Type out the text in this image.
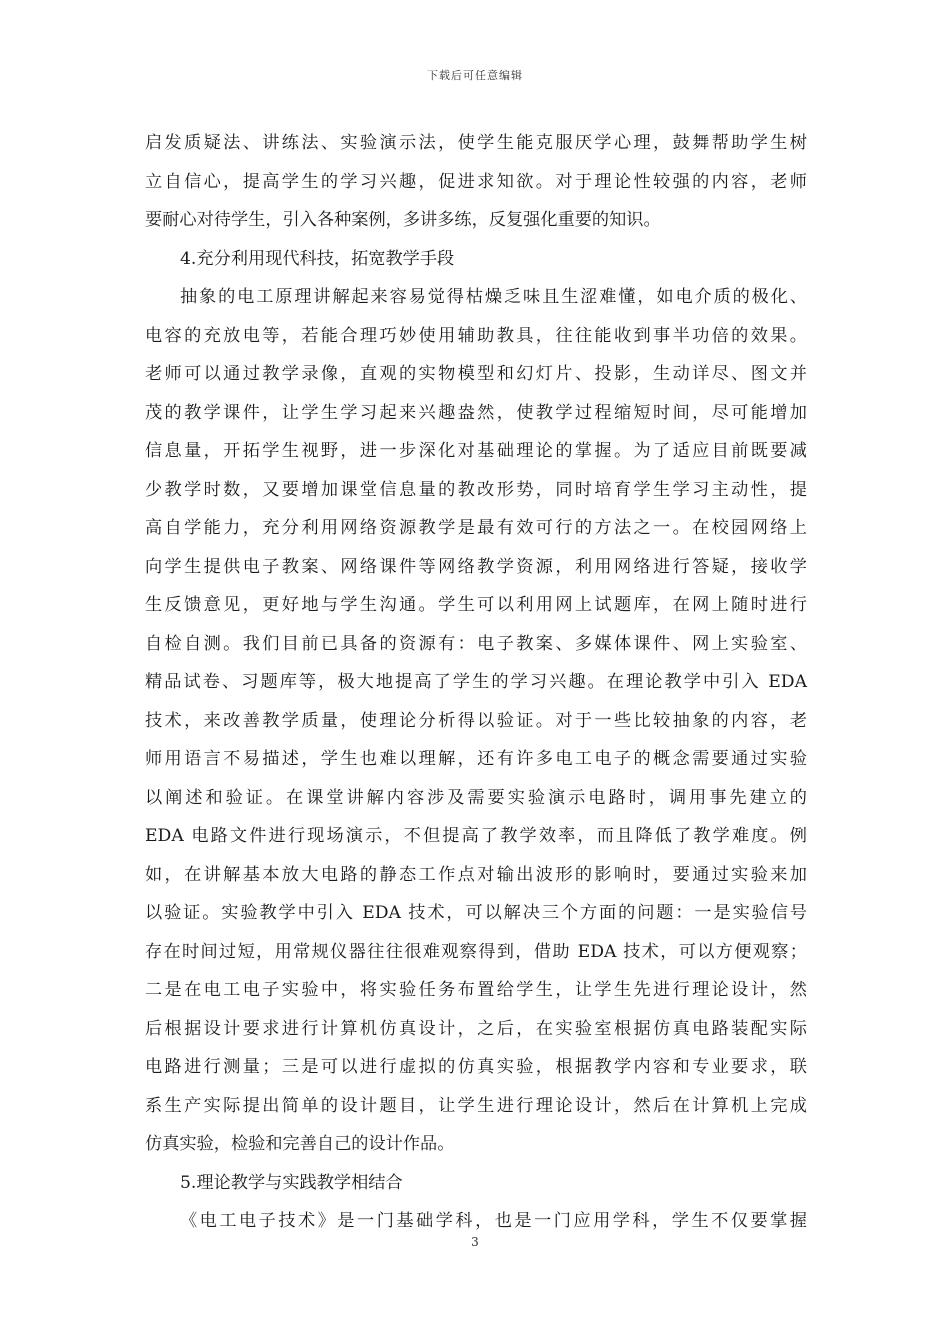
下载后可任意编辑
启发质疑法、讲练法、实验演示法，使学生能克服厌学心理，鼓舞帮助学生树
立自信心，提高学生的学习兴趣，促进求知欲。对于理论性较强的内容，老师
要耐心对待学生，引入各种案例，多讲多练，反复强化重要的知识。
4.充分利用现代科技，拓宽教学手段
抽象的电工原理讲解起来容易觉得枯燥乏味且生涩难懂，如电介质的极化、
电容的充放电等，若能合理巧妙使用辅助教具，往往能收到事半功倍的效果。
老师可以通过教学录像，直观的实物模型和幻灯片、投影，生动详尽、图文并
茂的教学课件，让学生学习起来兴趣盎然，使教学过程缩短时间，尽可能增加
信息量，开拓学生视野，进一步深化对基础理论的掌握。为了适应目前既要减
少教学时数，又要增加课堂信息量的教改形势，同时培育学生学习主动性，提
高自学能力，充分利用网络资源教学是最有效可行的方法之一。在校园网络上
向学生提供电子教案、网络课件等网络教学资源，利用网络进行答疑，接收学
生反馈意见，更好地与学生沟通。学生可以利用网上试题库，在网上随时进行
自检自测。我们目前已具备的资源有：电子教案、多媒体课件、网上实验室、
精品试卷、习题库等，极大地提高了学生的学习兴趣。在理论教学中引入 EDA
技术，来改善教学质量，使理论分析得以验证。对于一些比较抽象的内容，老
师用语言不易描述，学生也难以理解，还有许多电工电子的概念需要通过实验
以阐述和验证。在课堂讲解内容涉及需要实验演示电路时，调用事先建立的
EDA 电路文件进行现场演示，不但提高了教学效率，而且降低了教学难度。例
如，在讲解基本放大电路的静态工作点对输出波形的影响时，要通过实验来加
以验证。实验教学中引入 EDA 技术，可以解决三个方面的问题：一是实验信号
存在时间过短，用常规仪器往往很难观察得到，借助 EDA 技术，可以方便观察；
二是在电工电子实验中，将实验任务布置给学生，让学生先进行理论设计，然
后根据设计要求进行计算机仿真设计，之后，在实验室根据仿真电路装配实际
电路进行测量；三是可以进行虚拟的仿真实验，根据教学内容和专业要求，联
系生产实际提出简单的设计题目，让学生进行理论设计，然后在计算机上完成
仿真实验，检验和完善自己的设计作品。
5.理论教学与实践教学相结合
《电工电子技术》是一门基础学科，也是一门应用学科，学生不仅要掌握
3
